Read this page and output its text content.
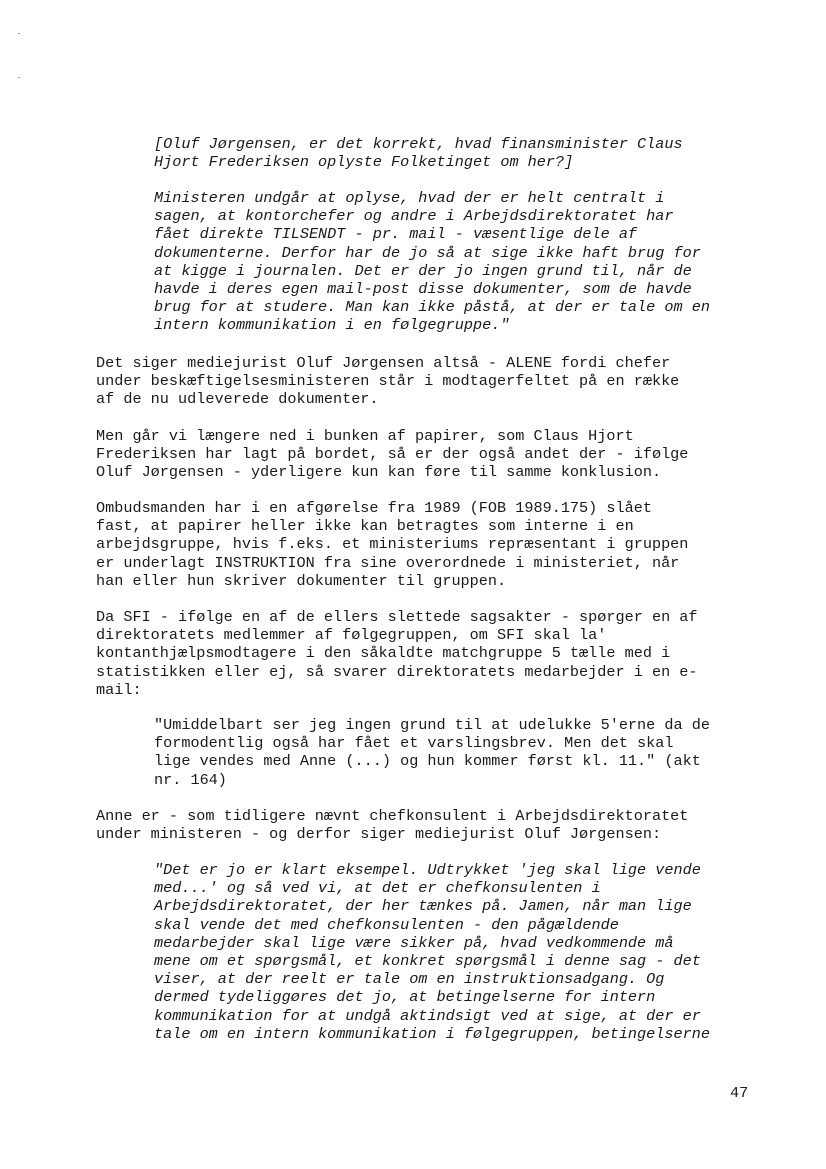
[Oluf Jørgensen, er det korrekt, hvad finansminister Claus
Hjort Frederiksen oplyste Folketinget om her?]
Ministeren undgår at oplyse, hvad der er helt centralt i
sagen, at kontorchefer og andre i Arbejdsdirektoratet har
fået direkte TILSENDT - pr. mail - væsentlige dele af
dokumenterne. Derfor har de jo så at sige ikke haft brug for
at kigge i journalen. Det er der jo ingen grund til, når de
havde i deres egen mail-post disse dokumenter, som de havde
brug for at studere. Man kan ikke påstå, at der er tale om en
intern kommunikation i en følgegruppe."
Det siger mediejurist Oluf Jørgensen altså - ALENE fordi chefer
under beskæftigelsesministeren står i modtagerfeltet på en række
af de nu udleverede dokumenter.
Men går vi længere ned i bunken af papirer, som Claus Hjort
Frederiksen har lagt på bordet, så er der også andet der - ifølge
Oluf Jørgensen - yderligere kun kan føre til samme konklusion.
Ombudsmanden har i en afgørelse fra 1989 (FOB 1989.175) slået
fast, at papirer heller ikke kan betragtes som interne i en
arbejdsgruppe, hvis f.eks. et ministeriums repræsentant i gruppen
er underlagt INSTRUKTION fra sine overordnede i ministeriet, når
han eller hun skriver dokumenter til gruppen.
Da SFI - ifølge en af de ellers slettede sagsakter - spørger en af
direktoratets medlemmer af følgegruppen, om SFI skal la'
kontanthjælpsmodtagere i den såkaldte matchgruppe 5 tælle med i
statistikken eller ej, så svarer direktoratets medarbejder i en e-
mail:
"Umiddelbart ser jeg ingen grund til at udelukke 5'erne da de
formodentlig også har fået et varslingsbrev. Men det skal
lige vendes med Anne (...) og hun kommer først kl. 11." (akt
nr. 164)
Anne er - som tidligere nævnt chefkonsulent i Arbejdsdirektoratet
under ministeren - og derfor siger mediejurist Oluf Jørgensen:
"Det er jo er klart eksempel. Udtrykket 'jeg skal lige vende
med...' og så ved vi, at det er chefkonsulenten i
Arbejdsdirektoratet, der her tænkes på. Jamen, når man lige
skal vende det med chefkonsulenten - den pågældende
medarbejder skal lige være sikker på, hvad vedkommende må
mene om et spørgsmål, et konkret spørgsmål i denne sag - det
viser, at der reelt er tale om en instruktionsadgang. Og
dermed tydeliggøres det jo, at betingelserne for intern
kommunikation for at undgå aktindsigt ved at sige, at der er
tale om en intern kommunikation i følgegruppen, betingelserne
47
